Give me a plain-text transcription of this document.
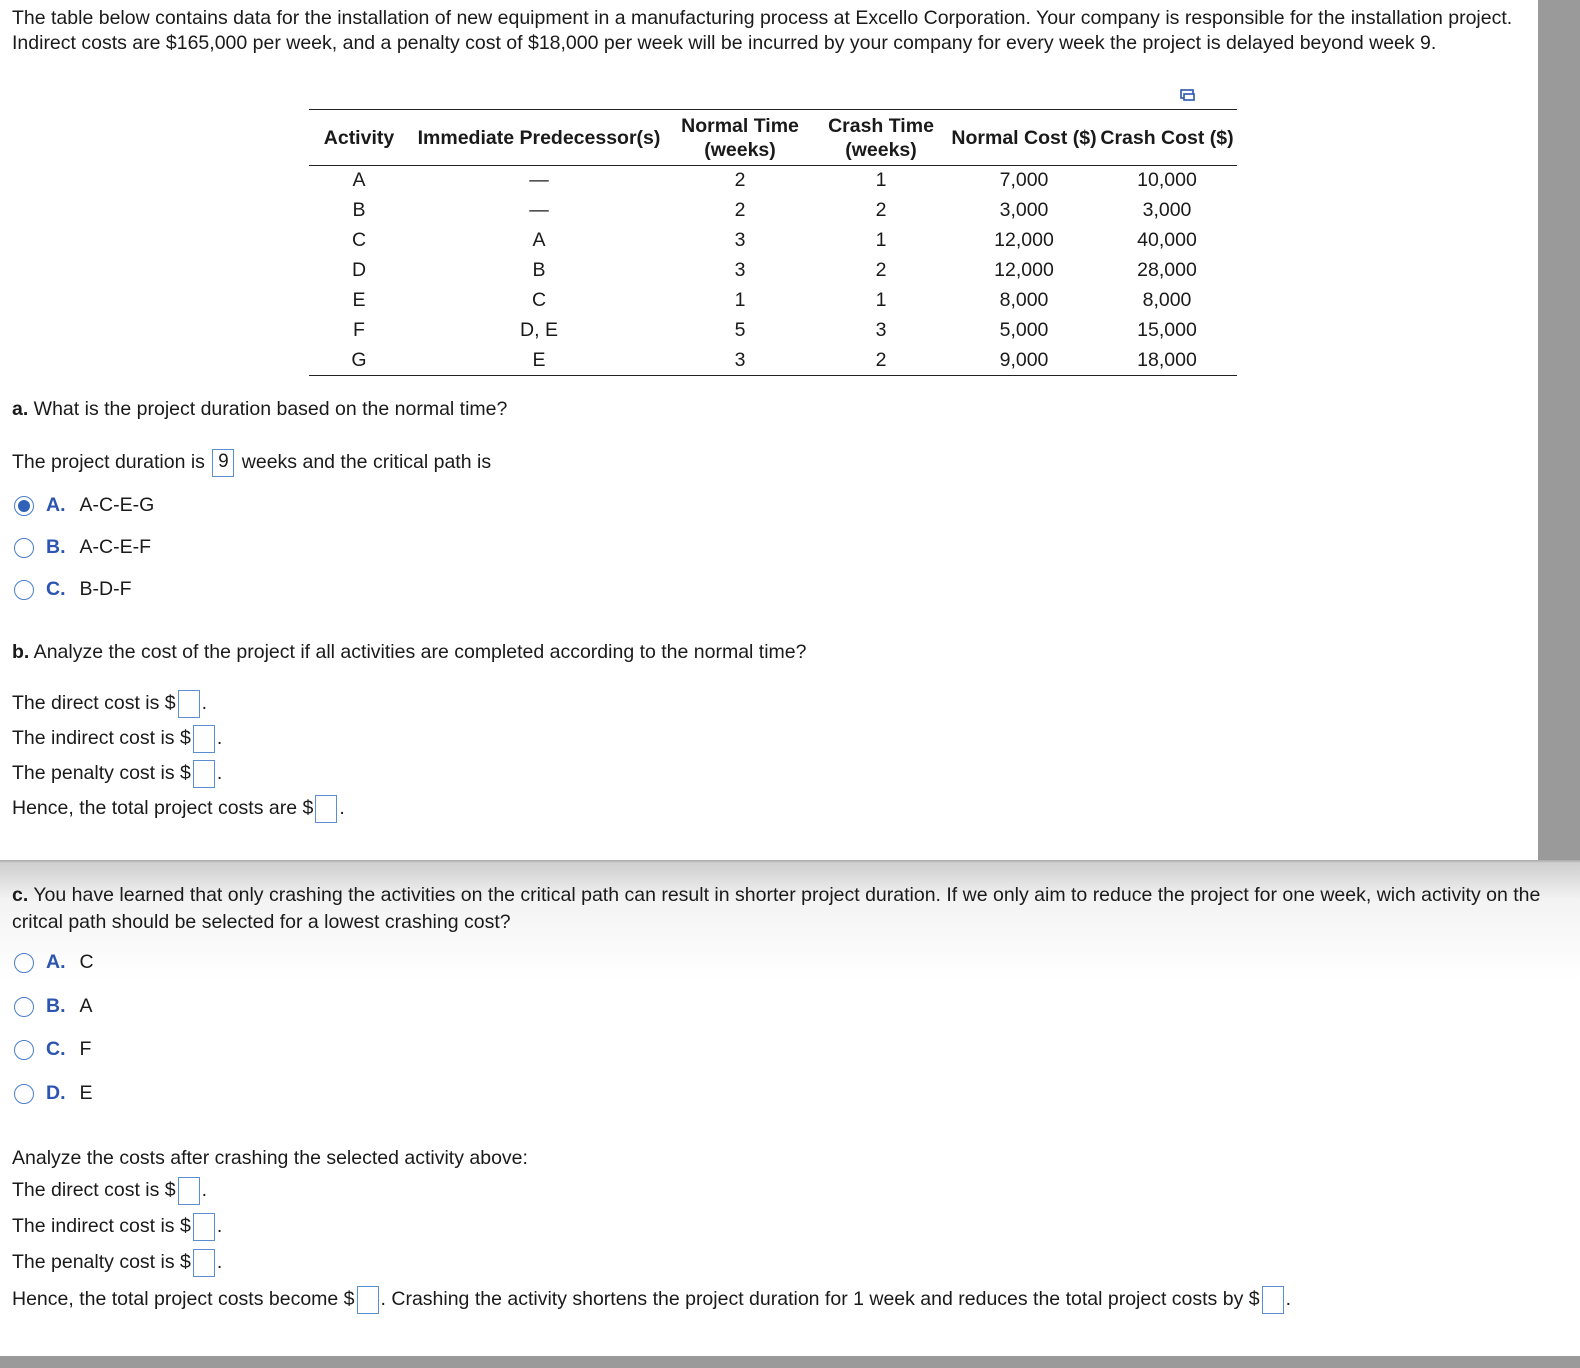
The table below contains data for the installation of new equipment in a manufacturing process at Excello Corporation. Your company is responsible for the installation project. Indirect costs are $165,000 per week, and a penalty cost of $18,000 per week will be incurred by your company for every week the project is delayed beyond week 9.
Activity	Immediate Predecessor(s)	Normal Time (weeks)	Crash Time (weeks)	Normal Cost ($)	Crash Cost ($)
A	—	2	1	7,000	10,000
B	—	2	2	3,000	3,000
C	A	3	1	12,000	40,000
D	B	3	2	12,000	28,000
E	C	1	1	8,000	8,000
F	D, E	5	3	5,000	15,000
G	E	3	2	9,000	18,000
a. What is the project duration based on the normal time?
The project duration is 9 weeks and the critical path is
A. A-C-E-G
B. A-C-E-F
C. B-D-F
b. Analyze the cost of the project if all activities are completed according to the normal time?
The direct cost is $ .
The indirect cost is $ .
The penalty cost is $ .
Hence, the total project costs are $ .
c. You have learned that only crashing the activities on the critical path can result in shorter project duration. If we only aim to reduce the project for one week, wich activity on the critcal path should be selected for a lowest crashing cost?
A. C
B. A
C. F
D. E
Analyze the costs after crashing the selected activity above:
The direct cost is $ .
The indirect cost is $ .
The penalty cost is $ .
Hence, the total project costs become $ . Crashing the activity shortens the project duration for 1 week and reduces the total project costs by $ .
